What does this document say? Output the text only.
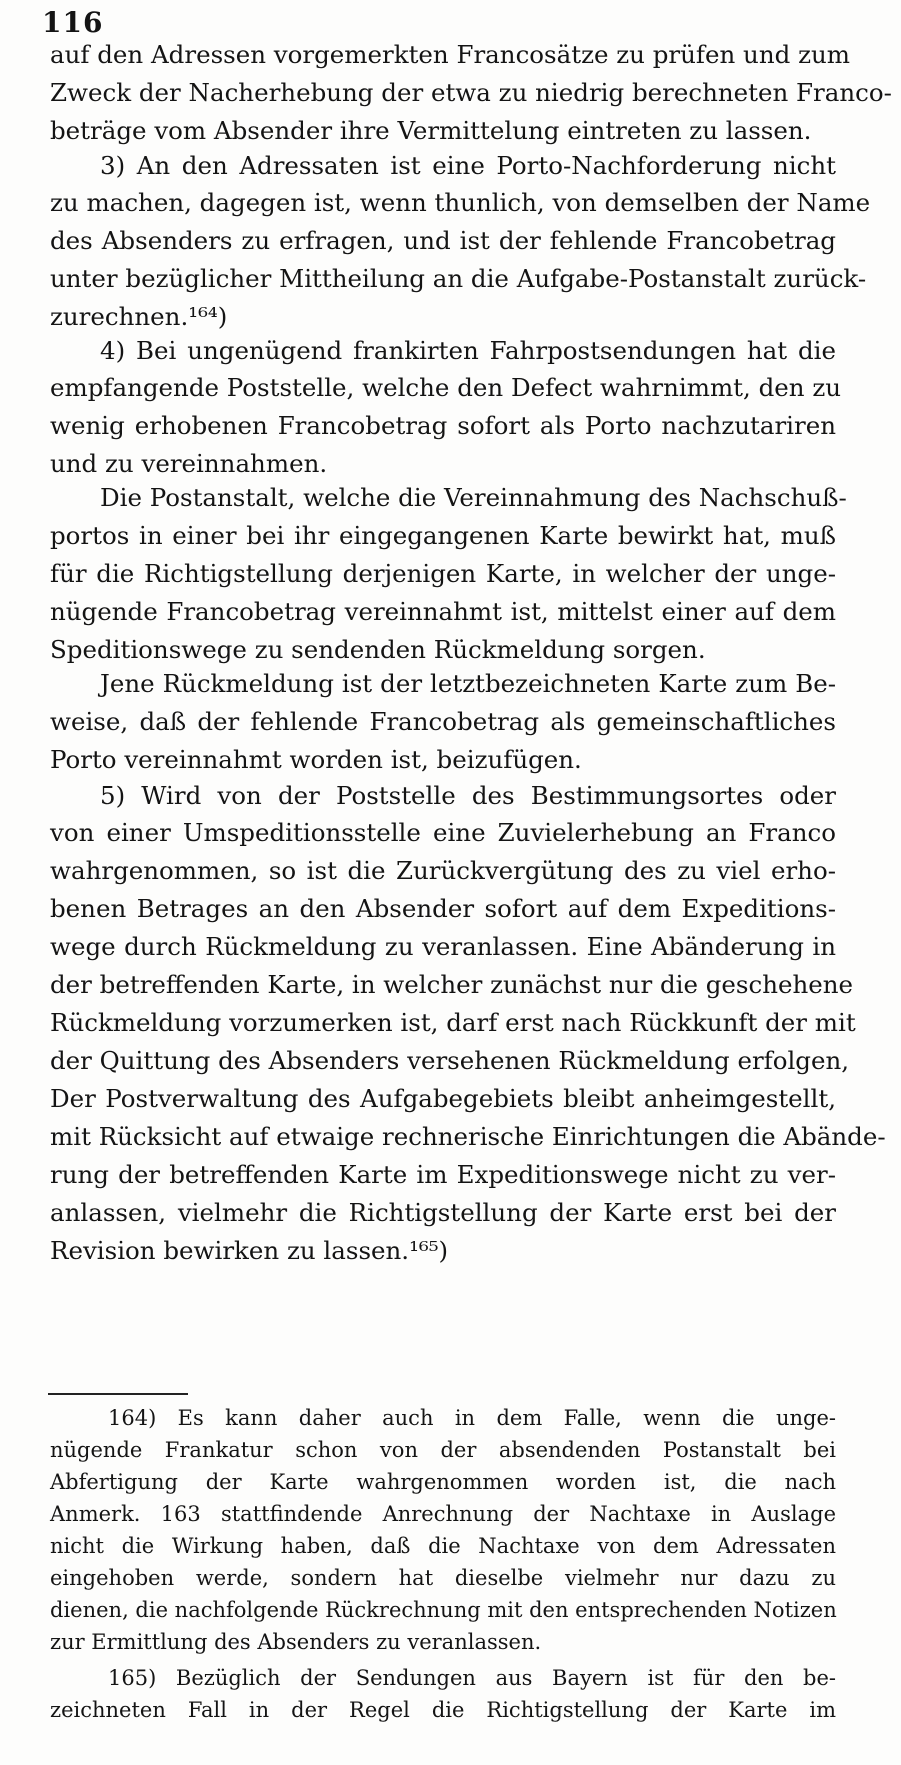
116
auf den Adressen vorgemerkten Francosätze zu prüfen und zum
Zweck der Nacherhebung der etwa zu niedrig berechneten Franco-
beträge vom Absender ihre Vermittelung eintreten zu lassen.
3) An den Adressaten ist eine Porto-Nachforderung nicht
zu machen, dagegen ist, wenn thunlich, von demselben der Name
des Absenders zu erfragen, und ist der fehlende Francobetrag
unter bezüglicher Mittheilung an die Aufgabe-Postanstalt zurück-
zurechnen.¹⁶⁴)
4) Bei ungenügend frankirten Fahrpostsendungen hat die
empfangende Poststelle, welche den Defect wahrnimmt, den zu
wenig erhobenen Francobetrag sofort als Porto nachzutariren
und zu vereinnahmen.
Die Postanstalt, welche die Vereinnahmung des Nachschuß-
portos in einer bei ihr eingegangenen Karte bewirkt hat, muß
für die Richtigstellung derjenigen Karte, in welcher der unge-
nügende Francobetrag vereinnahmt ist, mittelst einer auf dem
Speditionswege zu sendenden Rückmeldung sorgen.
Jene Rückmeldung ist der letztbezeichneten Karte zum Be-
weise, daß der fehlende Francobetrag als gemeinschaftliches
Porto vereinnahmt worden ist, beizufügen.
5) Wird von der Poststelle des Bestimmungsortes oder
von einer Umspeditionsstelle eine Zuvielerhebung an Franco
wahrgenommen, so ist die Zurückvergütung des zu viel erho-
benen Betrages an den Absender sofort auf dem Expeditions-
wege durch Rückmeldung zu veranlassen. Eine Abänderung in
der betreffenden Karte, in welcher zunächst nur die geschehene
Rückmeldung vorzumerken ist, darf erst nach Rückkunft der mit
der Quittung des Absenders versehenen Rückmeldung erfolgen,
Der Postverwaltung des Aufgabegebiets bleibt anheimgestellt,
mit Rücksicht auf etwaige rechnerische Einrichtungen die Abände-
rung der betreffenden Karte im Expeditionswege nicht zu ver-
anlassen, vielmehr die Richtigstellung der Karte erst bei der
Revision bewirken zu lassen.¹⁶⁵)
164) Es kann daher auch in dem Falle, wenn die unge-
nügende Frankatur schon von der absendenden Postanstalt bei
Abfertigung der Karte wahrgenommen worden ist, die nach
Anmerk. 163 stattfindende Anrechnung der Nachtaxe in Auslage
nicht die Wirkung haben, daß die Nachtaxe von dem Adressaten
eingehoben werde, sondern hat dieselbe vielmehr nur dazu zu
dienen, die nachfolgende Rückrechnung mit den entsprechenden Notizen
zur Ermittlung des Absenders zu veranlassen.
165) Bezüglich der Sendungen aus Bayern ist für den be-
zeichneten Fall in der Regel die Richtigstellung der Karte im
